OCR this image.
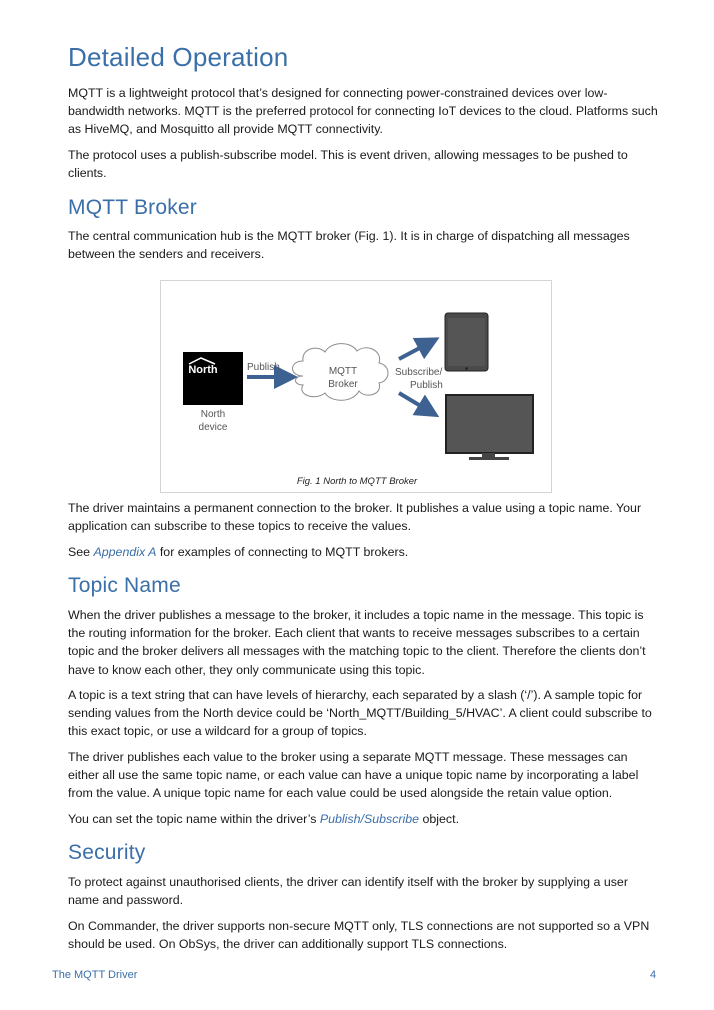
Detailed Operation

MQTT is a lightweight protocol that’s designed for connecting power-constrained devices over low-bandwidth networks. MQTT is the preferred protocol for connecting IoT devices to the cloud. Platforms such as HiveMQ, and Mosquitto all provide MQTT connectivity.

The protocol uses a publish-subscribe model. This is event driven, allowing messages to be pushed to clients.

MQTT Broker

The central communication hub is the MQTT broker (Fig. 1). It is in charge of dispatching all messages between the senders and receivers.

North	Publish	MQTT
Broker
Subscribe/
Publish
North
device
Fig. 1 North to MQTT Broker

The driver maintains a permanent connection to the broker. It publishes a value using a topic name. Your application can subscribe to these topics to receive the values.

See Appendix A for examples of connecting to MQTT brokers.

Topic Name

When the driver publishes a message to the broker, it includes a topic name in the message. This topic is the routing information for the broker. Each client that wants to receive messages subscribes to a certain topic and the broker delivers all messages with the matching topic to the client. Therefore the clients don’t have to know each other, they only communicate using this topic.

A topic is a text string that can have levels of hierarchy, each separated by a slash (‘/’). A sample topic for sending values from the North device could be ‘North_MQTT/Building_5/HVAC’. A client could subscribe to this exact topic, or use a wildcard for a group of topics.

The driver publishes each value to the broker using a separate MQTT message. These messages can either all use the same topic name, or each value can have a unique topic name by incorporating a label from the value. A unique topic name for each value could be used alongside the retain value option.

You can set the topic name within the driver’s Publish/Subscribe object.

Security

To protect against unauthorised clients, the driver can identify itself with the broker by supplying a user name and password.

On Commander, the driver supports non-secure MQTT only, TLS connections are not supported so a VPN should be used. On ObSys, the driver can additionally support TLS connections.

The MQTT Driver	4
